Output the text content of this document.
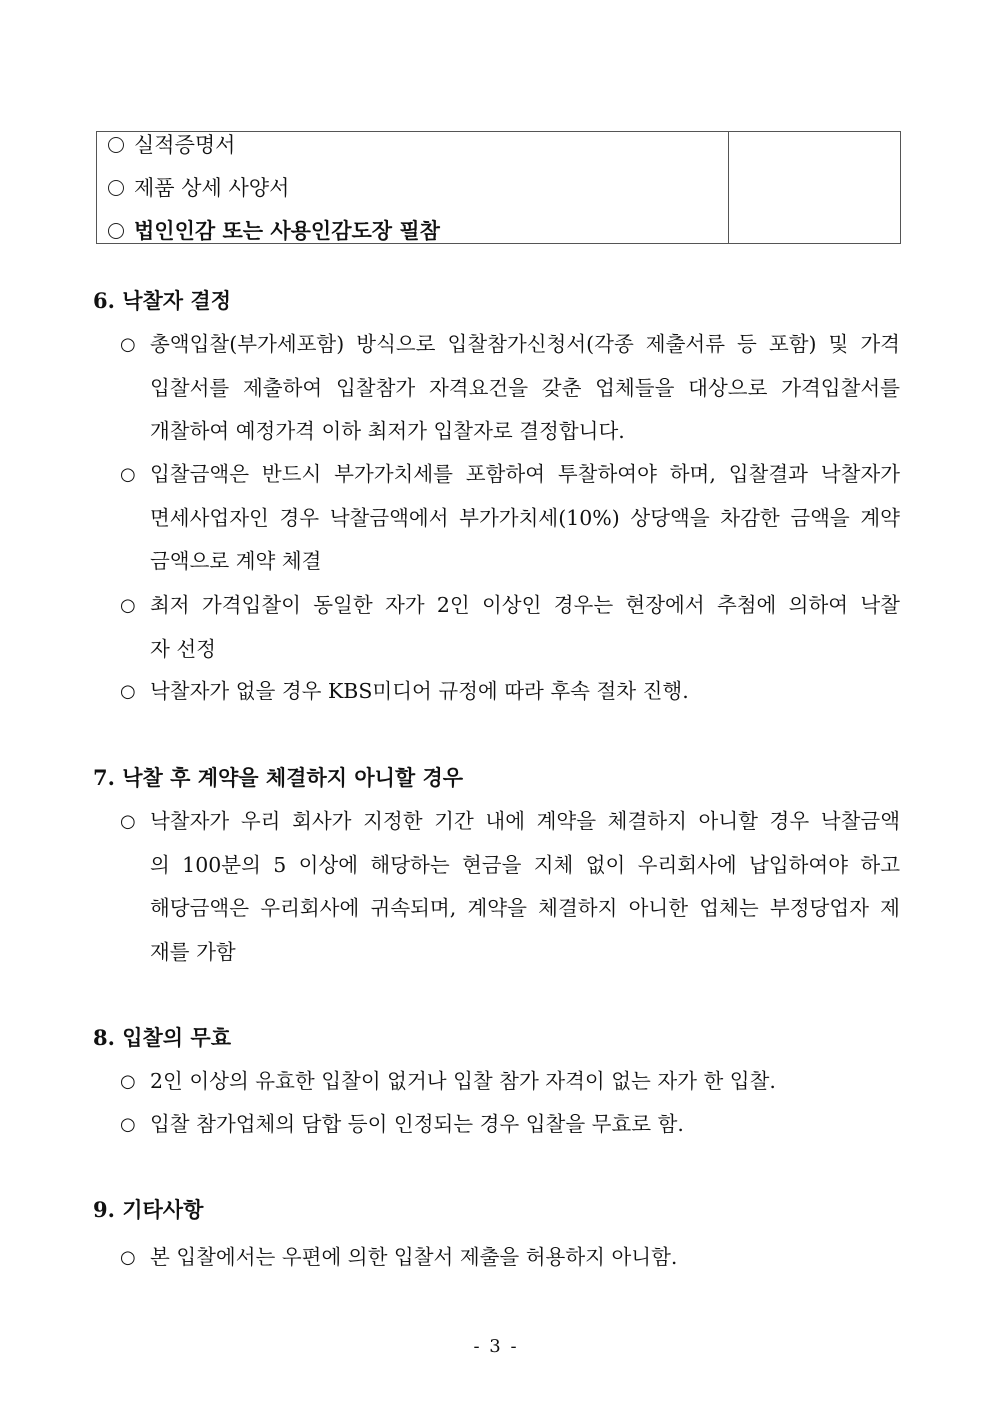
실적증명서
제품 상세 사양서
법인인감 또는 사용인감도장 필참
6. 낙찰자 결정
○ 총액입찰(부가세포함) 방식으로 입찰참가신청서(각종 제출서류 등 포함) 및 가격
입찰서를 제출하여 입찰참가 자격요건을 갖춘 업체들을 대상으로 가격입찰서를
개찰하여 예정가격 이하 최저가 입찰자로 결정합니다.
○ 입찰금액은 반드시 부가가치세를 포함하여 투찰하여야 하며, 입찰결과 낙찰자가
면세사업자인 경우 낙찰금액에서 부가가치세(10%) 상당액을 차감한 금액을 계약
금액으로 계약 체결
○ 최저 가격입찰이 동일한 자가 2인 이상인 경우는 현장에서 추첨에 의하여 낙찰
자 선정
○ 낙찰자가 없을 경우 KBS미디어 규정에 따라 후속 절차 진행.
7. 낙찰 후 계약을 체결하지 아니할 경우
○ 낙찰자가 우리 회사가 지정한 기간 내에 계약을 체결하지 아니할 경우 낙찰금액
의 100분의 5 이상에 해당하는 현금을 지체 없이 우리회사에 납입하여야 하고
해당금액은 우리회사에 귀속되며, 계약을 체결하지 아니한 업체는 부정당업자 제
재를 가함
8. 입찰의 무효
○ 2인 이상의 유효한 입찰이 없거나 입찰 참가 자격이 없는 자가 한 입찰.
○ 입찰 참가업체의 담합 등이 인정되는 경우 입찰을 무효로 함.
9. 기타사항
○ 본 입찰에서는 우편에 의한 입찰서 제출을 허용하지 아니함.
- 3 -
